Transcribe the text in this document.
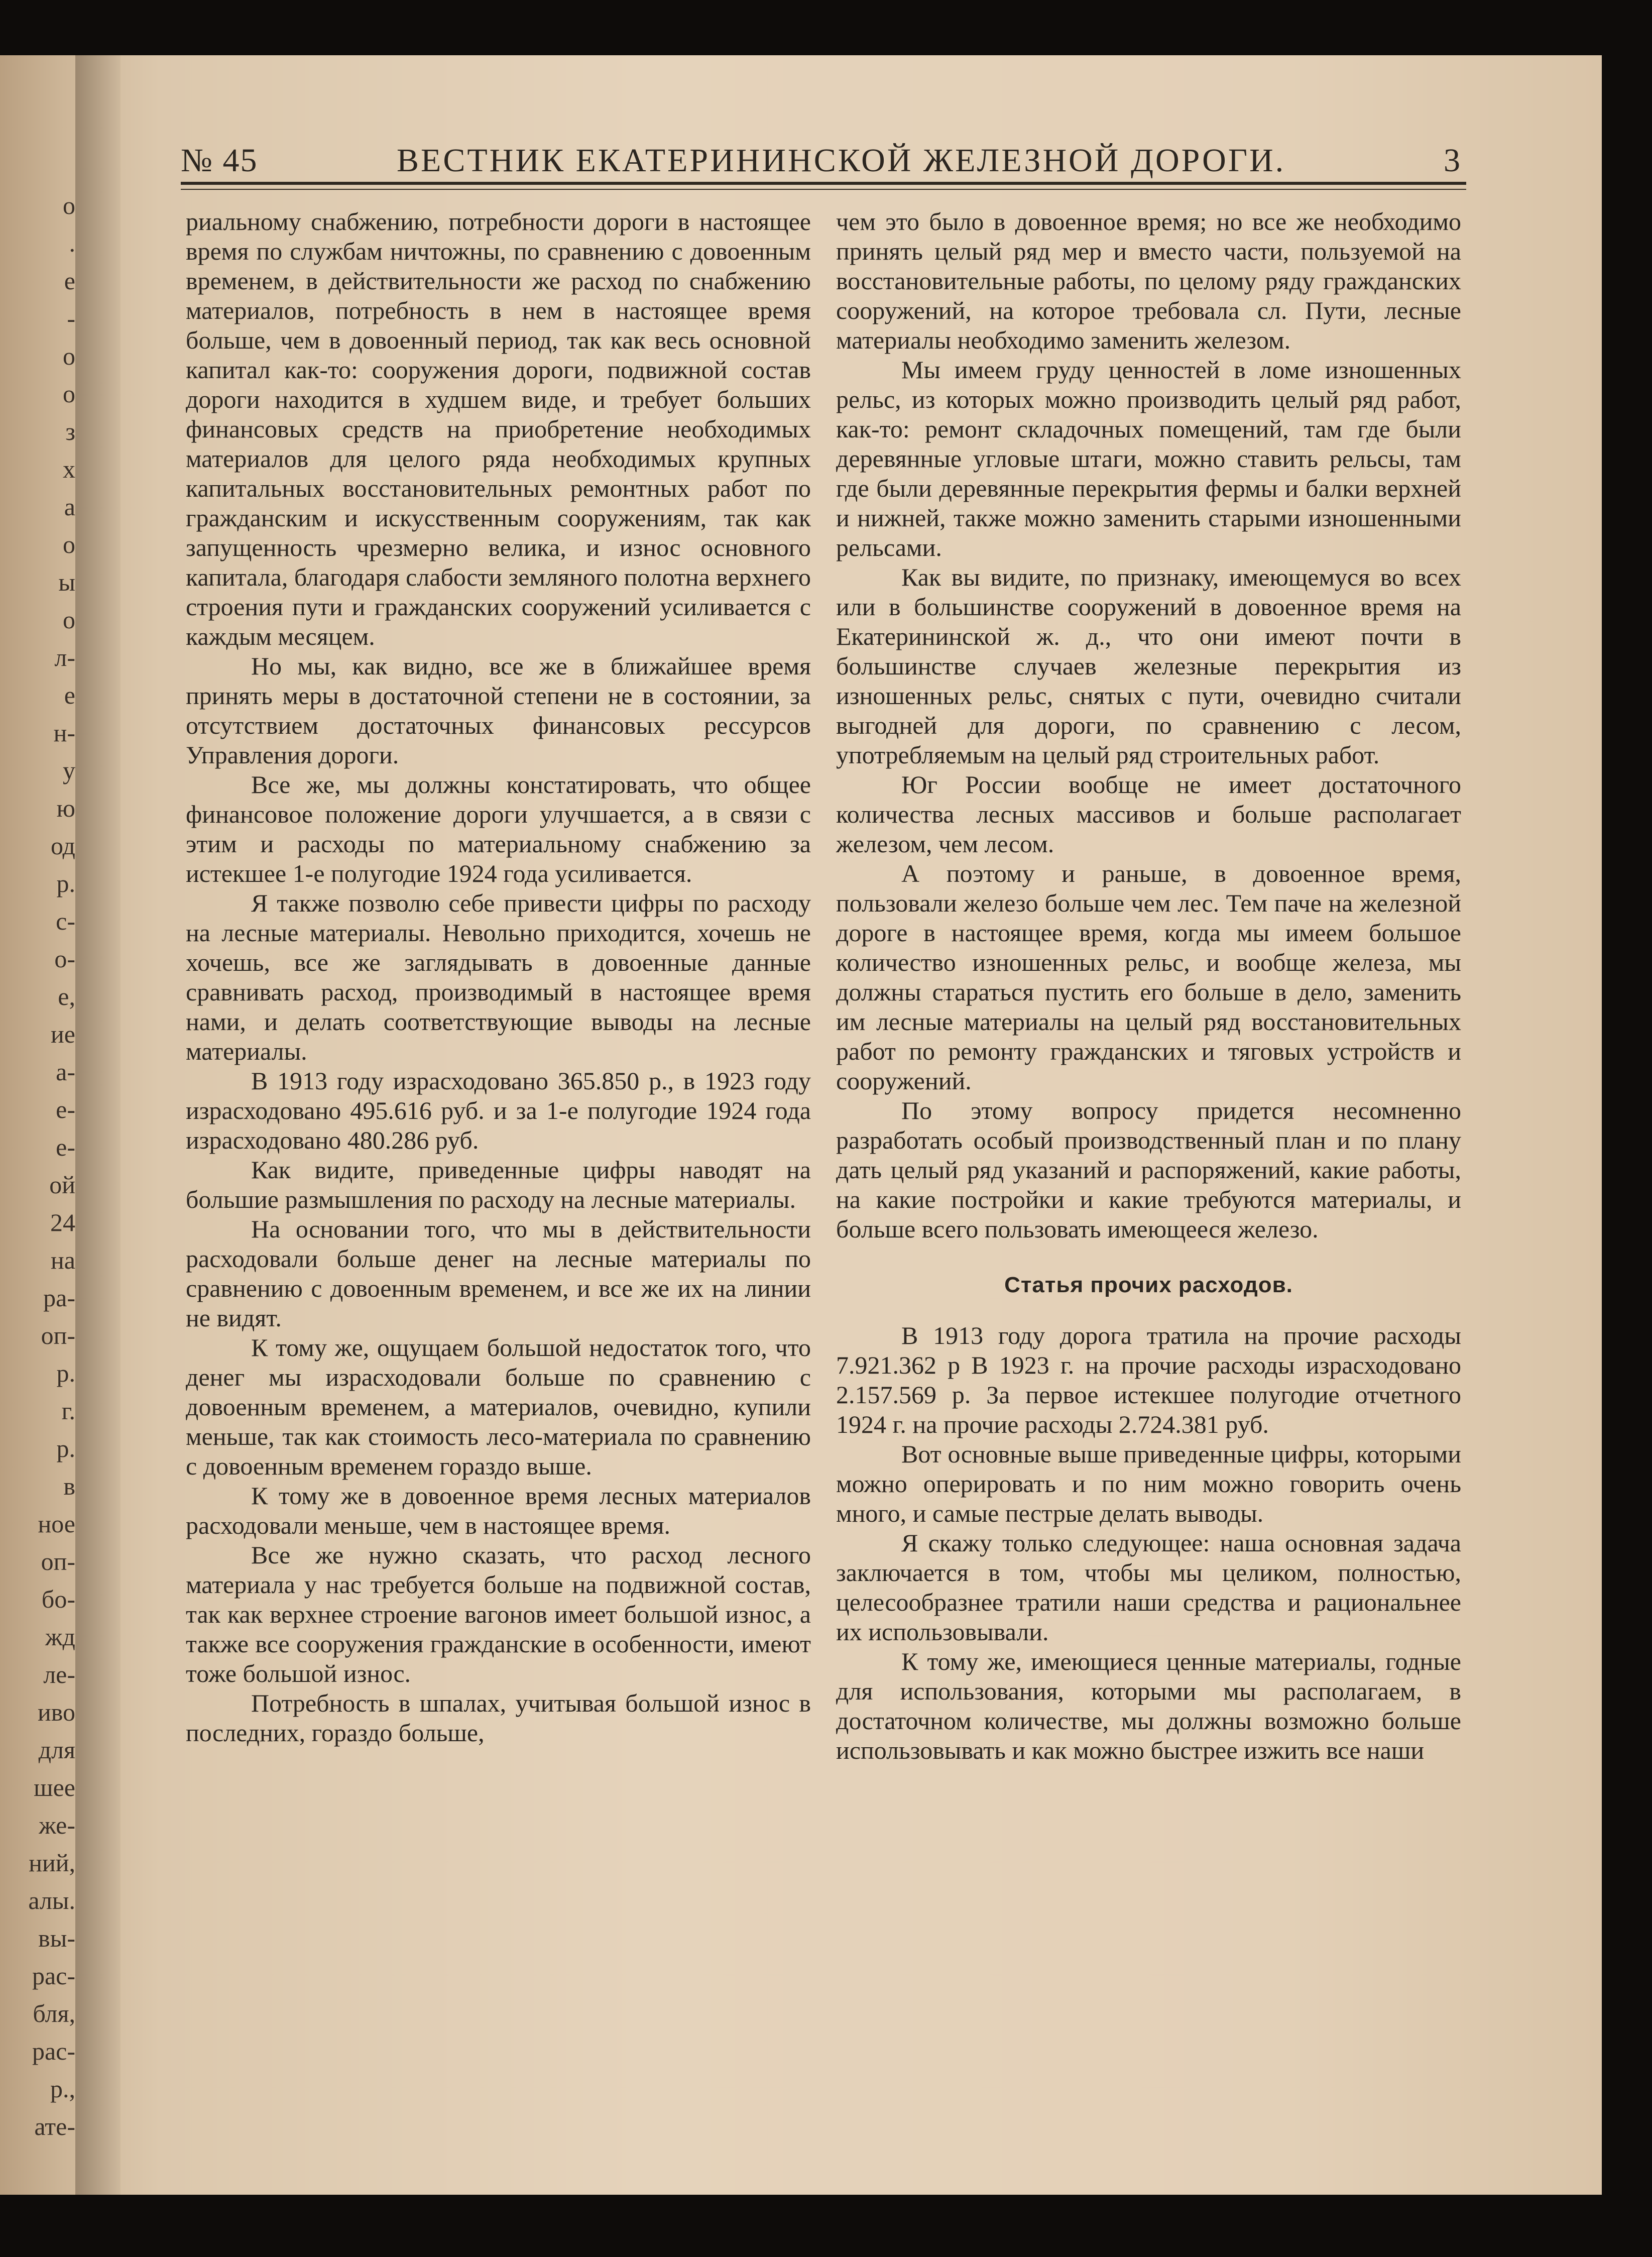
о
.
е
-
о
о
з
х
а
о
ы
о
л-
е
н-
у
ю
од
р.
с-
о-
е,
ие
а-
е-
е-
ой
24
на
ра-
оп-
р.
г.
р.
в
ное
оп-
бо-
жд
ле-
иво
для
шее
же-
ний,
алы.
вы-
рас-
бля,
рас-
р.,
ате-
№ 45	ВЕСТНИК ЕКАТЕРИНИНСКОЙ ЖЕЛЕЗНОЙ ДОРОГИ.	3

риальному снабжению, потребности дороги в настоящее время по службам ничтожны, по сравнению с довоенным временем, в действительности же расход по снабжению материалов, потребность в нем в настоящее время больше, чем в довоенный период, так как весь основной капитал как-то: сооружения дороги, подвижной состав дороги находится в худшем виде, и требует больших финансовых средств на приобретение необходимых материалов для целого ряда необходимых крупных капитальных восстановительных ремонтных работ по гражданским и искусственным сооружениям, так как запущенность чрезмерно велика, и износ основного капитала, благодаря слабости земляного полотна верхнего строения пути и гражданских сооружений усиливается с каждым месяцем.

Но мы, как видно, все же в ближайшее время принять меры в достаточной степени не в состоянии, за отсутствием достаточных финансовых рессурсов Управления дороги.

Все же, мы должны констатировать, что общее финансовое положение дороги улучшается, а в связи с этим и расходы по материальному снабжению за истекшее 1-е полугодие 1924 года усиливается.

Я также позволю себе привести цифры по расходу на лесные материалы. Невольно приходится, хочешь не хочешь, все же заглядывать в довоенные данные сравнивать расход, производимый в настоящее время нами, и делать соответствующие выводы на лесные материалы.

В 1913 году израсходовано 365.850 р., в 1923 году израсходовано 495.616 руб. и за 1-е полугодие 1924 года израсходовано 480.286 руб.

Как видите, приведенные цифры наводят на большие размышления по расходу на лесные материалы.

На основании того, что мы в действительности расходовали больше денег на лесные материалы по сравнению с довоенным временем, и все же их на линии не видят.

К тому же, ощущаем большой недостаток того, что денег мы израсходовали больше по сравнению с довоенным временем, а материалов, очевидно, купили меньше, так как стоимость лесо-материала по сравнению с довоенным временем гораздо выше.

К тому же в довоенное время лесных материалов расходовали меньше, чем в настоящее время.

Все же нужно сказать, что расход лесного материала у нас требуется больше на подвижной состав, так как верхнее строение вагонов имеет большой износ, а также все сооружения гражданские в особенности, имеют тоже большой износ.

Потребность в шпалах, учитывая большой износ в последних, гораздо больше,

чем это было в довоенное время; но все же необходимо принять целый ряд мер и вместо части, пользуемой на восстановительные работы, по целому ряду гражданских сооружений, на которое требовала сл. Пути, лесные материалы необходимо заменить железом.

Мы имеем груду ценностей в ломе изношенных рельс, из которых можно производить целый ряд работ, как-то: ремонт складочных помещений, там где были деревянные угловые штаги, можно ставить рельсы, там где были деревянные перекрытия фермы и балки верхней и нижней, также можно заменить старыми изношенными рельсами.

Как вы видите, по признаку, имеющемуся во всех или в большинстве сооружений в довоенное время на Екатерининской ж. д., что они имеют почти в большинстве случаев железные перекрытия из изношенных рельс, снятых с пути, очевидно считали выгодней для дороги, по сравнению с лесом, употребляемым на целый ряд строительных работ.

Юг России вообще не имеет достаточного количества лесных массивов и больше располагает железом, чем лесом.

А поэтому и раньше, в довоенное время, пользовали железо больше чем лес. Тем паче на железной дороге в настоящее время, когда мы имеем большое количество изношенных рельс, и вообще железа, мы должны стараться пустить его больше в дело, заменить им лесные материалы на целый ряд восстановительных работ по ремонту гражданских и тяговых устройств и сооружений.

По этому вопросу придется несомненно разработать особый производственный план и по плану дать целый ряд указаний и распоряжений, какие работы, на какие постройки и какие требуются материалы, и больше всего пользовать имеющееся железо.

Статья прочих расходов.

В 1913 году дорога тратила на прочие расходы 7.921.362 р В 1923 г. на прочие расходы израсходовано 2.157.569 р. За первое истекшее полугодие отчетного 1924 г. на прочие расходы 2.724.381 руб.

Вот основные выше приведенные цифры, которыми можно оперировать и по ним можно говорить очень много, и самые пестрые делать выводы.

Я скажу только следующее: наша основная задача заключается в том, чтобы мы целиком, полностью, целесообразнее тратили наши средства и рациональнее их использовывали.

К тому же, имеющиеся ценные материалы, годные для использования, которыми мы располагаем, в достаточном количестве, мы должны возможно больше использовывать и как можно быстрее изжить все наши
